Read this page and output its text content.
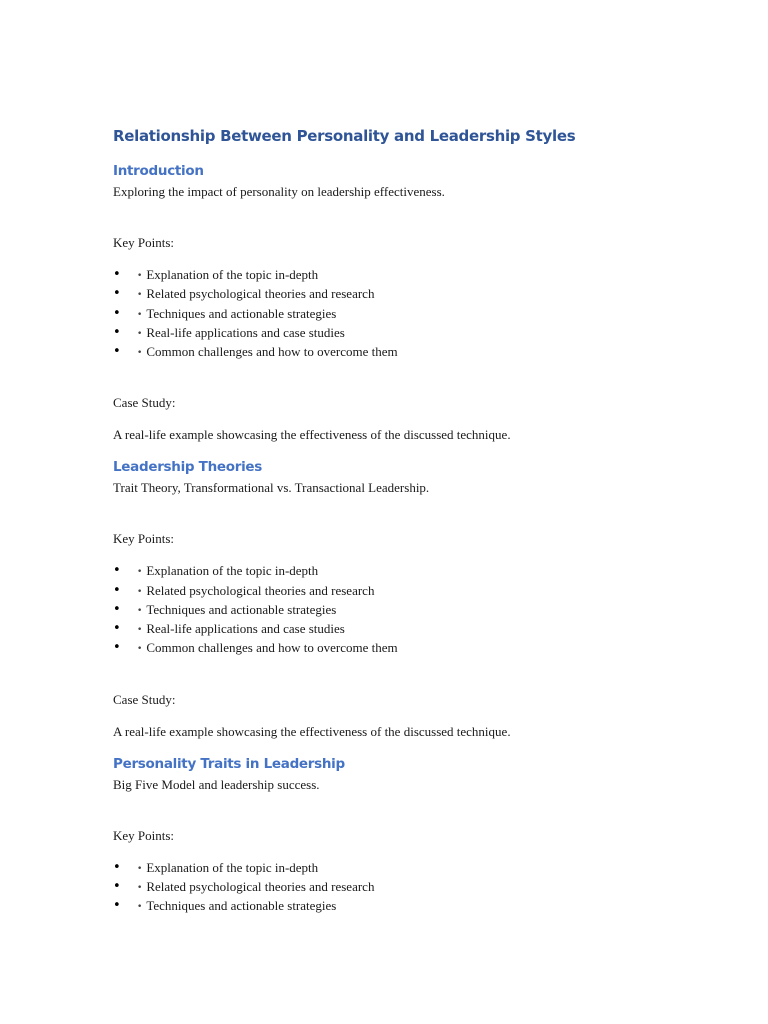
Relationship Between Personality and Leadership Styles
Introduction

Exploring the impact of personality on leadership effectiveness.

Key Points:

• • Explanation of the topic in-depth
• • Related psychological theories and research
• • Techniques and actionable strategies
• • Real-life applications and case studies
• • Common challenges and how to overcome them

Case Study:

A real-life example showcasing the effectiveness of the discussed technique.

Leadership Theories

Trait Theory, Transformational vs. Transactional Leadership.

Key Points:

• • Explanation of the topic in-depth
• • Related psychological theories and research
• • Techniques and actionable strategies
• • Real-life applications and case studies
• • Common challenges and how to overcome them

Case Study:

A real-life example showcasing the effectiveness of the discussed technique.

Personality Traits in Leadership

Big Five Model and leadership success.

Key Points:

• • Explanation of the topic in-depth
• • Related psychological theories and research
• • Techniques and actionable strategies
